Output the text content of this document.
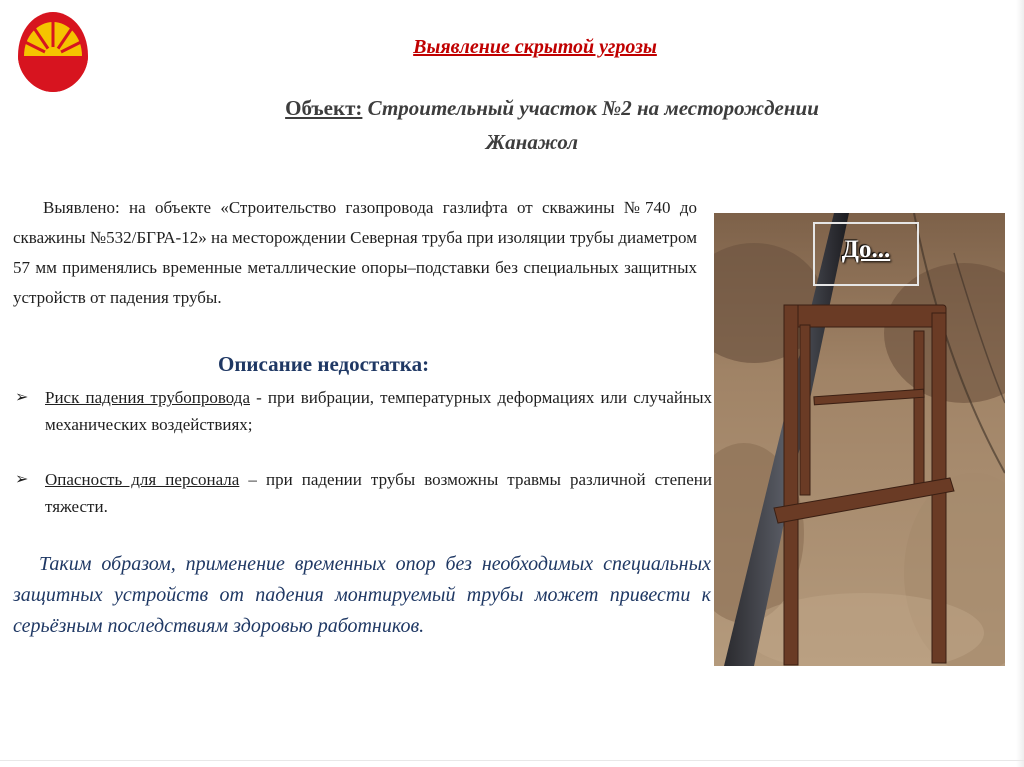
Выявление скрытой угрозы
Объект: Строительный участок №2 на месторождении
Жанажол
Выявлено: на объекте «Строительство газопровода газлифта от скважины №740 до скважины №532/БГРА-12» на месторождении Северная труба при изоляции трубы диаметром 57 мм применялись временные металлические опоры–подставки без специальных защитных устройств от падения трубы.
Описание недостатка:
➢ Риск падения трубопровода - при вибрации, температурных деформациях или случайных механических воздействиях;
➢ Опасность для персонала – при падении трубы возможны травмы различной степени тяжести.
Таким образом, применение временных опор без необходимых специальных защитных устройств от падения монтируемый трубы может привести к серьёзным последствиям здоровью работников.
До...
